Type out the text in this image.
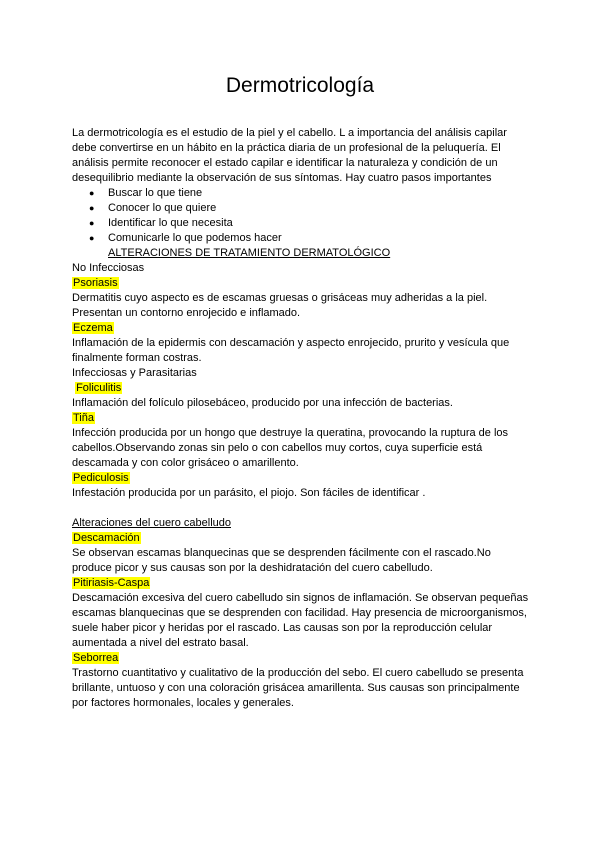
Dermotricología

La dermotricología es el estudio de la piel y el cabello. L a importancia del análisis capilar debe convertirse en un hábito en la práctica diaria de un profesional de la peluquería. El análisis permite reconocer el estado capilar e identificar la naturaleza y condición de un desequilibrio mediante la observación de sus síntomas. Hay cuatro pasos importantes

● Buscar lo que tiene
● Conocer lo que quiere
● Identificar lo que necesita
● Comunicarle lo que podemos hacer

ALTERACIONES DE TRATAMIENTO DERMATOLÓGICO

No Infecciosas

Psoriasis

Dermatitis cuyo aspecto es de escamas gruesas o grisáceas muy adheridas a la piel. Presentan un contorno enrojecido e inflamado.

Eczema

Inflamación de la epidermis con descamación y aspecto enrojecido, prurito y vesícula que finalmente forman costras.

Infecciosas y Parasitarias

Foliculitis

Inflamación del folículo pilosebáceo, producido por una infección de bacterias.

Tiña

Infección producida por un hongo que destruye la queratina, provocando la ruptura de los cabellos.Observando zonas sin pelo o con cabellos muy cortos, cuya superficie está descamada y con color grisáceo o amarillento.

Pediculosis

Infestación producida por un parásito, el piojo. Son fáciles de identificar .

Alteraciones del cuero cabelludo

Descamación

Se observan escamas blanquecinas que se desprenden fácilmente con el rascado.No produce picor y sus causas son por la deshidratación del cuero cabelludo.

Pitiriasis-Caspa

Descamación excesiva del cuero cabelludo sin signos de inflamación. Se observan pequeñas escamas blanquecinas que se desprenden con facilidad. Hay presencia de microorganismos, suele haber picor y heridas por el rascado. Las causas son por la reproducción celular aumentada a nivel del estrato basal.

Seborrea

Trastorno cuantitativo y cualitativo de la producción del sebo. El cuero cabelludo se presenta brillante, untuoso y con una coloración grisácea amarillenta. Sus causas son principalmente por factores hormonales, locales y generales.
